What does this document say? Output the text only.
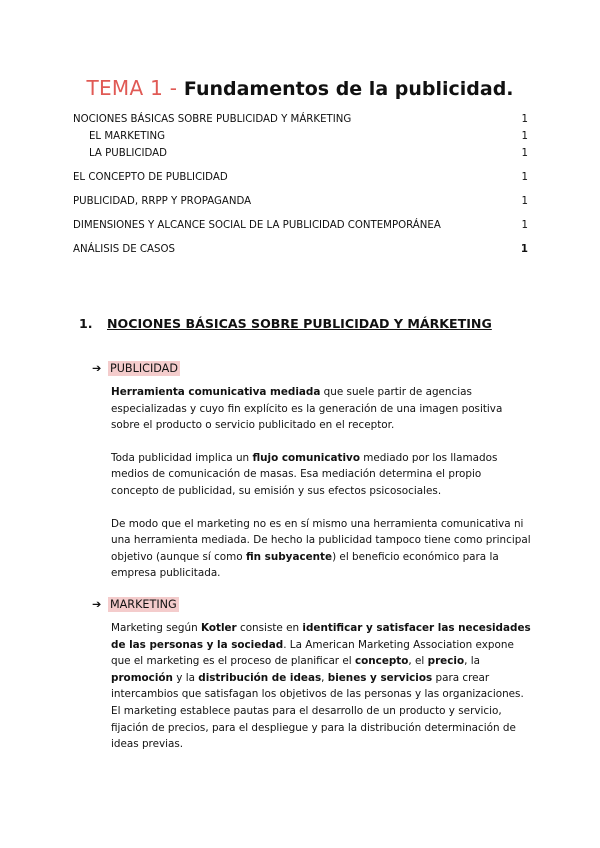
TEMA 1 - Fundamentos de la publicidad.
NOCIONES BÁSICAS SOBRE PUBLICIDAD Y MÁRKETING	1
EL MARKETING	1
LA PUBLICIDAD	1
EL CONCEPTO DE PUBLICIDAD	1
PUBLICIDAD, RRPP Y PROPAGANDA	1
DIMENSIONES Y ALCANCE SOCIAL DE LA PUBLICIDAD CONTEMPORÁNEA	1
ANÁLISIS DE CASOS	1
1. NOCIONES BÁSICAS SOBRE PUBLICIDAD Y MÁRKETING
➔ PUBLICIDAD

Herramienta comunicativa mediada que suele partir de agencias especializadas y cuyo fin explícito es la generación de una imagen positiva sobre el producto o servicio publicitado en el receptor.

Toda publicidad implica un flujo comunicativo mediado por los llamados medios de comunicación de masas. Esa mediación determina el propio concepto de publicidad, su emisión y sus efectos psicosociales.

De modo que el marketing no es en sí mismo una herramienta comunicativa ni una herramienta mediada. De hecho la publicidad tampoco tiene como principal objetivo (aunque sí como fin subyacente) el beneficio económico para la empresa publicitada.

➔ MARKETING

Marketing según Kotler consiste en identificar y satisfacer las necesidades de las personas y la sociedad. La American Marketing Association expone que el marketing es el proceso de planificar el concepto, el precio, la promoción y la distribución de ideas, bienes y servicios para crear intercambios que satisfagan los objetivos de las personas y las organizaciones. El marketing establece pautas para el desarrollo de un producto y servicio, fijación de precios, para el despliegue y para la distribución determinación de ideas previas.
